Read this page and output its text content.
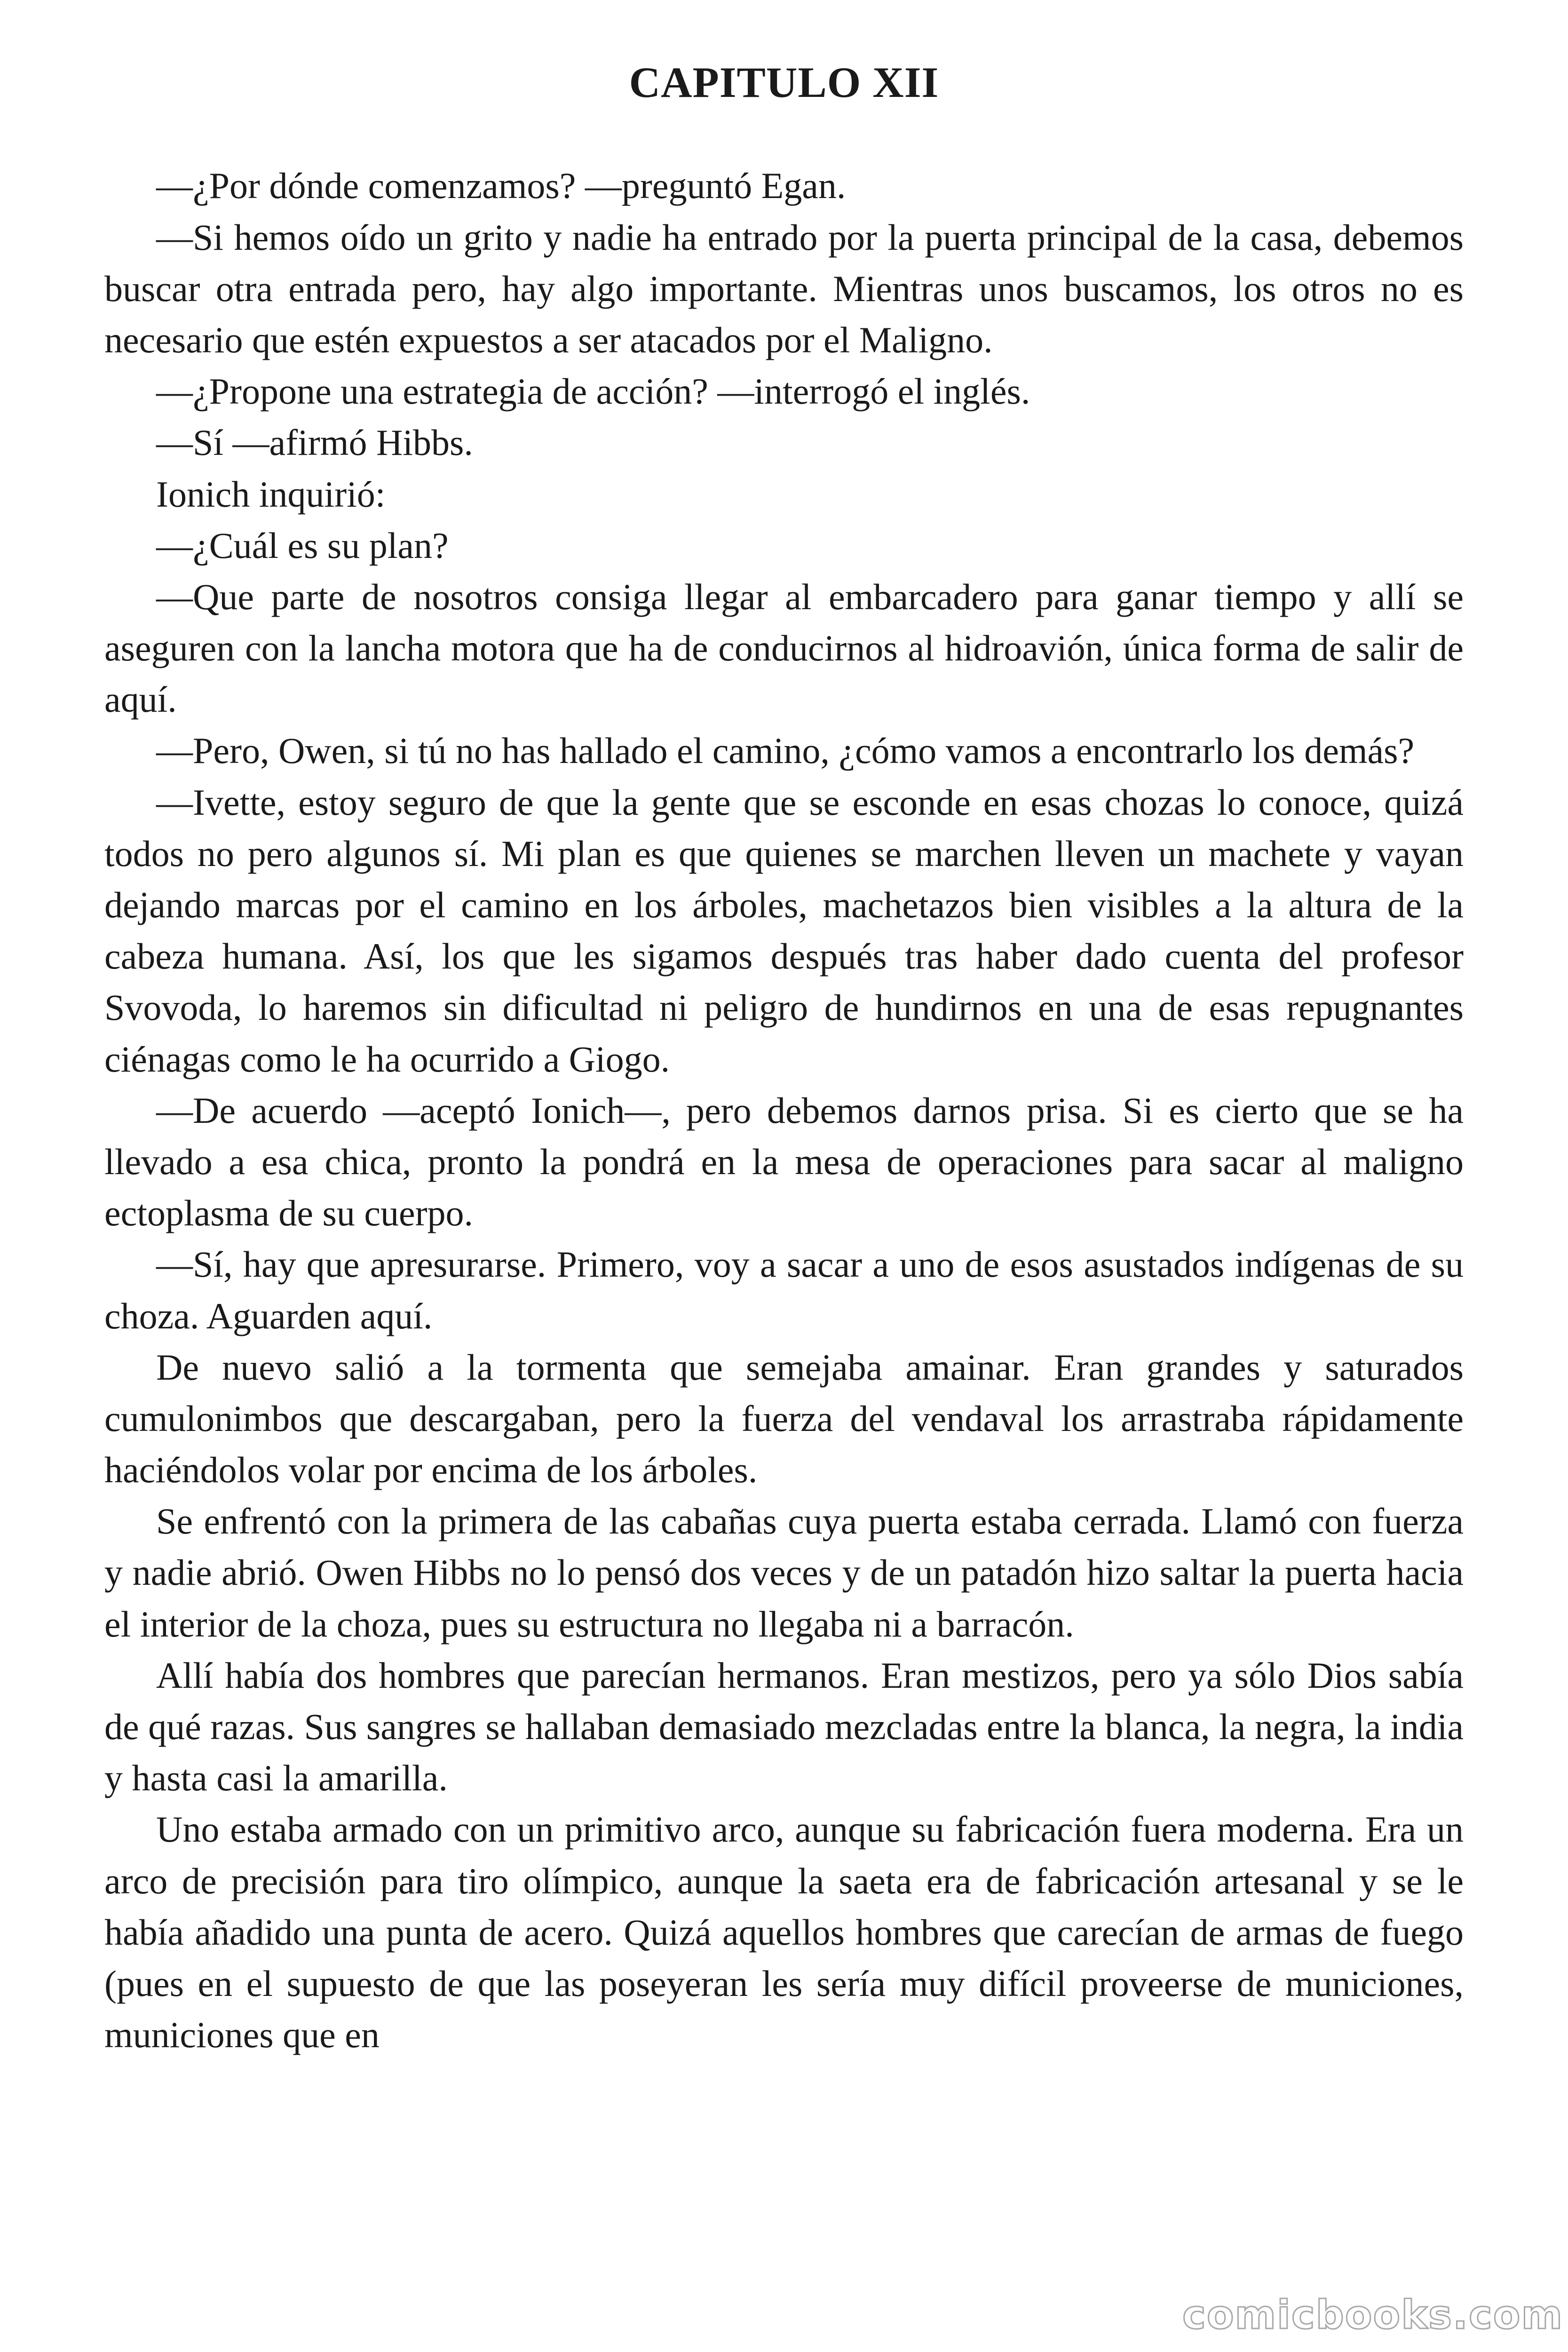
CAPITULO XII

—¿Por dónde comenzamos? —preguntó Egan.

—Si hemos oído un grito y nadie ha entrado por la puerta principal de la casa, debemos buscar otra entrada pero, hay algo importante. Mientras unos buscamos, los otros no es necesario que estén expuestos a ser atacados por el Maligno.

—¿Propone una estrategia de acción? —interrogó el inglés.

—Sí —afirmó Hibbs.

Ionich inquirió:

—¿Cuál es su plan?

—Que parte de nosotros consiga llegar al embarcadero para ganar tiempo y allí se aseguren con la lancha motora que ha de conducirnos al hidroavión, única forma de salir de aquí.

—Pero, Owen, si tú no has hallado el camino, ¿cómo vamos a encontrarlo los demás?

—Ivette, estoy seguro de que la gente que se esconde en esas chozas lo conoce, quizá todos no pero algunos sí. Mi plan es que quienes se marchen lleven un machete y vayan dejando marcas por el camino en los árboles, machetazos bien visibles a la altura de la cabeza humana. Así, los que les sigamos después tras haber dado cuenta del profesor Svovoda, lo haremos sin dificultad ni peligro de hundirnos en una de esas repugnantes ciénagas como le ha ocurrido a Giogo.

—De acuerdo —aceptó Ionich—, pero debemos darnos prisa. Si es cierto que se ha llevado a esa chica, pronto la pondrá en la mesa de operaciones para sacar al maligno ectoplasma de su cuerpo.

—Sí, hay que apresurarse. Primero, voy a sacar a uno de esos asustados indígenas de su choza. Aguarden aquí.

De nuevo salió a la tormenta que semejaba amainar. Eran grandes y saturados cumulonimbos que descargaban, pero la fuerza del vendaval los arrastraba rápidamente haciéndolos volar por encima de los árboles.

Se enfrentó con la primera de las cabañas cuya puerta estaba cerrada. Llamó con fuerza y nadie abrió. Owen Hibbs no lo pensó dos veces y de un patadón hizo saltar la puerta hacia el interior de la choza, pues su estructura no llegaba ni a barracón.

Allí había dos hombres que parecían hermanos. Eran mestizos, pero ya sólo Dios sabía de qué razas. Sus sangres se hallaban demasiado mezcladas entre la blanca, la negra, la india y hasta casi la amarilla.

Uno estaba armado con un primitivo arco, aunque su fabricación fuera moderna. Era un arco de precisión para tiro olímpico, aunque la saeta era de fabricación artesanal y se le había añadido una punta de acero. Quizá aquellos hombres que carecían de armas de fuego (pues en el supuesto de que las poseyeran les sería muy difícil proveerse de municiones, municiones que en

comicbooks.com
